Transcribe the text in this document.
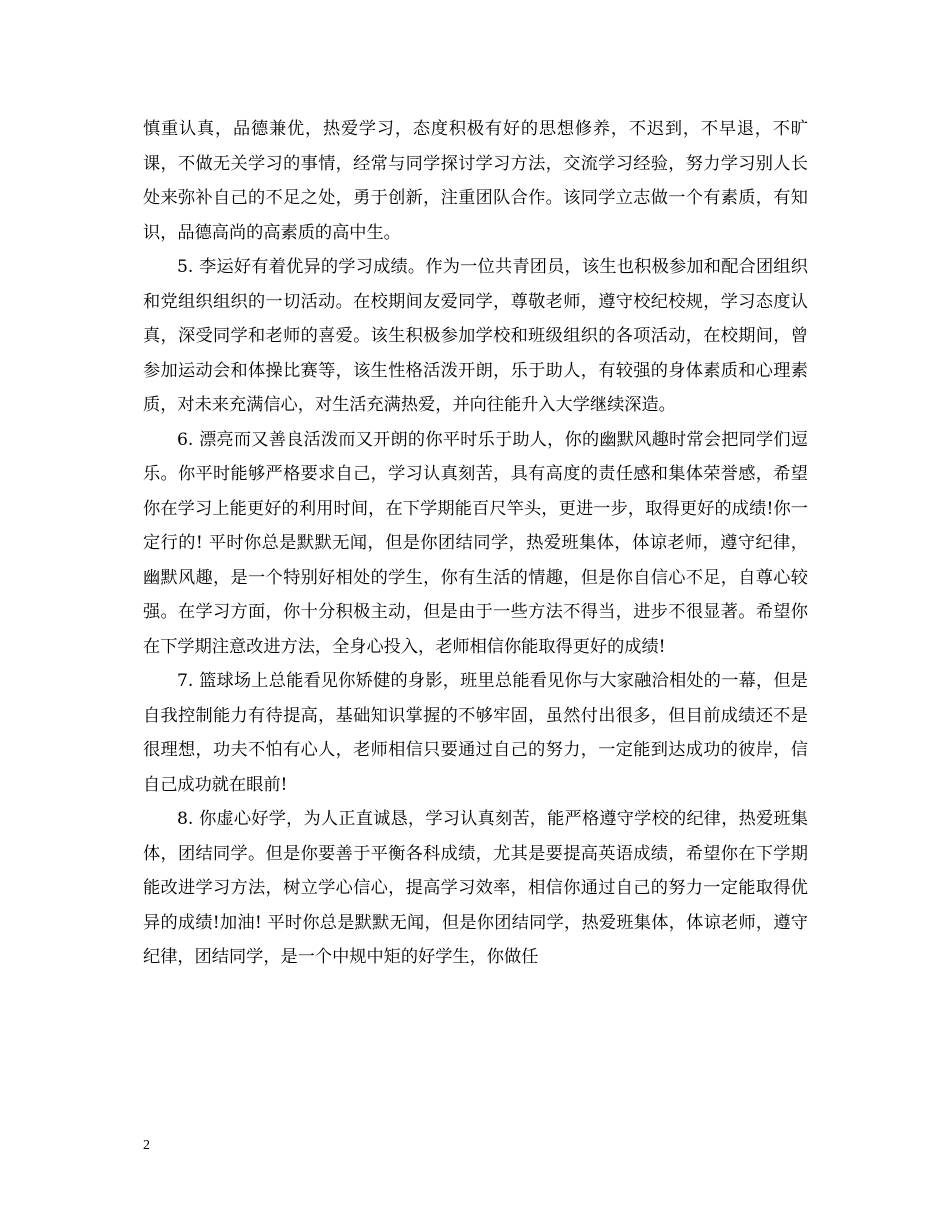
慎重认真，品德兼优，热爱学习，态度积极有好的思想修养，不迟到，不早退，不旷课，不做无关学习的事情，经常与同学探讨学习方法，交流学习经验，努力学习别人长处来弥补自己的不足之处，勇于创新，注重团队合作。该同学立志做一个有素质，有知识，品德高尚的高素质的高中生。

5. 李运好有着优异的学习成绩。作为一位共青团员，该生也积极参加和配合团组织和党组织组织的一切活动。在校期间友爱同学，尊敬老师，遵守校纪校规，学习态度认真，深受同学和老师的喜爱。该生积极参加学校和班级组织的各项活动，在校期间，曾参加运动会和体操比赛等，该生性格活泼开朗，乐于助人，有较强的身体素质和心理素质，对未来充满信心，对生活充满热爱，并向往能升入大学继续深造。

6. 漂亮而又善良活泼而又开朗的你平时乐于助人，你的幽默风趣时常会把同学们逗乐。你平时能够严格要求自己，学习认真刻苦，具有高度的责任感和集体荣誉感，希望你在学习上能更好的利用时间，在下学期能百尺竿头，更进一步，取得更好的成绩!你一定行的! 平时你总是默默无闻，但是你团结同学，热爱班集体，体谅老师，遵守纪律，幽默风趣，是一个特别好相处的学生，你有生活的情趣，但是你自信心不足，自尊心较强。在学习方面，你十分积极主动，但是由于一些方法不得当，进步不很显著。希望你在下学期注意改进方法，全身心投入，老师相信你能取得更好的成绩!

7. 篮球场上总能看见你矫健的身影，班里总能看见你与大家融洽相处的一幕，但是自我控制能力有待提高，基础知识掌握的不够牢固，虽然付出很多，但目前成绩还不是很理想，功夫不怕有心人，老师相信只要通过自己的努力，一定能到达成功的彼岸，信自己成功就在眼前!

8. 你虚心好学，为人正直诚恳，学习认真刻苦，能严格遵守学校的纪律，热爱班集体，团结同学。但是你要善于平衡各科成绩，尤其是要提高英语成绩，希望你在下学期能改进学习方法，树立学心信心，提高学习效率，相信你通过自己的努力一定能取得优异的成绩!加油! 平时你总是默默无闻，但是你团结同学，热爱班集体，体谅老师，遵守纪律，团结同学，是一个中规中矩的好学生，你做任

2
